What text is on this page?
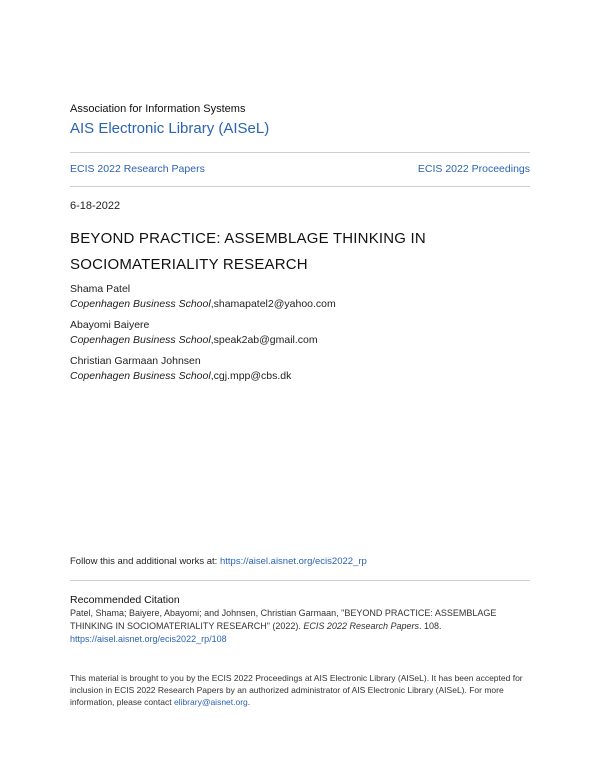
Association for Information Systems
AIS Electronic Library (AISeL)
ECIS 2022 Research Papers	ECIS 2022 Proceedings
6-18-2022
BEYOND PRACTICE: ASSEMBLAGE THINKING IN
SOCIOMATERIALITY RESEARCH
Shama Patel
Copenhagen Business School,shamapatel2@yahoo.com
Abayomi Baiyere
Copenhagen Business School,speak2ab@gmail.com
Christian Garmaan Johnsen
Copenhagen Business School,cgj.mpp@cbs.dk
Follow this and additional works at: https://aisel.aisnet.org/ecis2022_rp
Recommended Citation
Patel, Shama; Baiyere, Abayomi; and Johnsen, Christian Garmaan, "BEYOND PRACTICE: ASSEMBLAGE THINKING IN SOCIOMATERIALITY RESEARCH" (2022). ECIS 2022 Research Papers. 108.
https://aisel.aisnet.org/ecis2022_rp/108
This material is brought to you by the ECIS 2022 Proceedings at AIS Electronic Library (AISeL). It has been accepted for inclusion in ECIS 2022 Research Papers by an authorized administrator of AIS Electronic Library (AISeL). For more information, please contact elibrary@aisnet.org.
